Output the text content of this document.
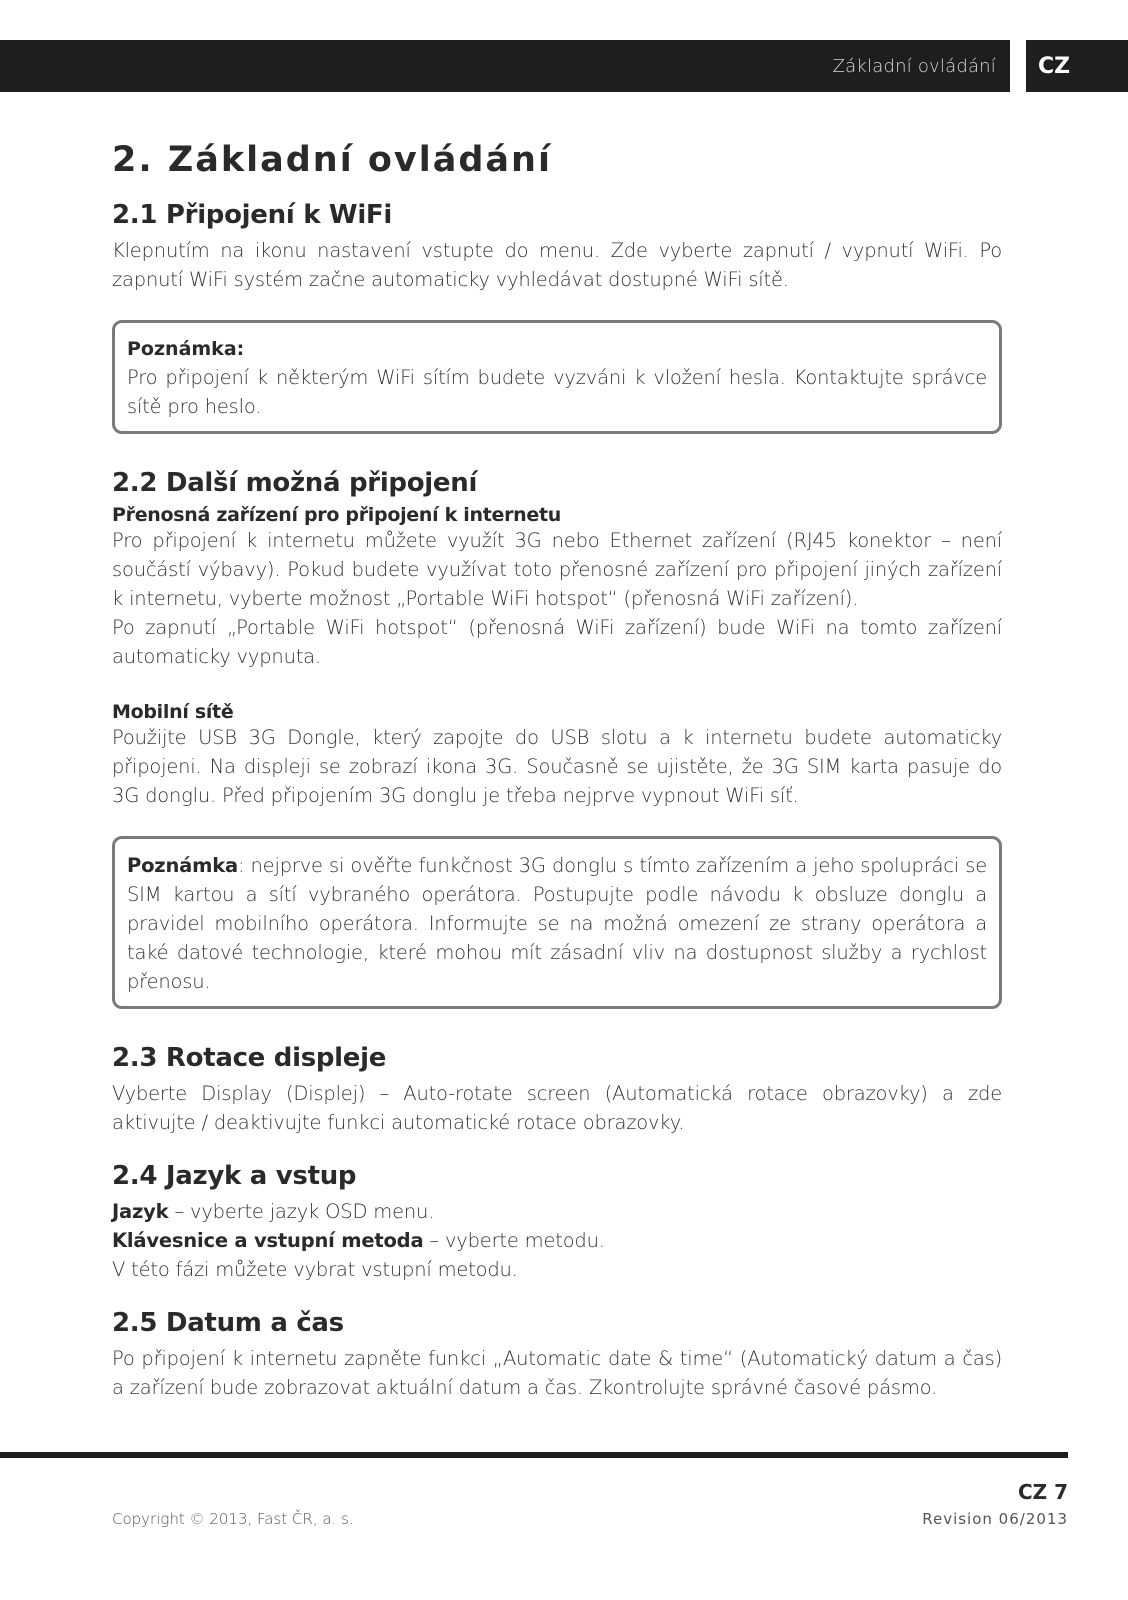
Základní ovládání	CZ
2. Základní ovládání
2.1 Připojení k WiFi

Klepnutím na ikonu nastavení vstupte do menu. Zde vyberte zapnutí / vypnutí WiFi. Po zapnutí WiFi systém začne automaticky vyhledávat dostupné WiFi sítě.

Poznámka:

Pro připojení k některým WiFi sítím budete vyzváni k vložení hesla. Kontaktujte správce sítě pro heslo.

2.2 Další možná připojení
Přenosná zařízení pro připojení k internetu

Pro připojení k internetu můžete využít 3G nebo Ethernet zařízení (RJ45 konektor – není součástí výbavy). Pokud budete využívat toto přenosné zařízení pro připojení jiných zařízení k internetu, vyberte možnost „Portable WiFi hotspot“ (přenosná WiFi zařízení).

Po zapnutí „Portable WiFi hotspot“ (přenosná WiFi zařízení) bude WiFi na tomto zařízení automaticky vypnuta.

Mobilní sítě

Použijte USB 3G Dongle, který zapojte do USB slotu a k internetu budete automaticky připojeni. Na displeji se zobrazí ikona 3G. Současně se ujistěte, že 3G SIM karta pasuje do 3G donglu. Před připojením 3G donglu je třeba nejprve vypnout WiFi síť.

Poznámka: nejprve si ověřte funkčnost 3G donglu s tímto zařízením a jeho spolupráci se SIM kartou a sítí vybraného operátora. Postupujte podle návodu k obsluze donglu a pravidel mobilního operátora. Informujte se na možná omezení ze strany operátora a také datové technologie, které mohou mít zásadní vliv na dostupnost služby a rychlost přenosu.

2.3 Rotace displeje

Vyberte Display (Displej) – Auto-rotate screen (Automatická rotace obrazovky) a zde aktivujte / deaktivujte funkci automatické rotace obrazovky.

2.4 Jazyk a vstup

Jazyk – vyberte jazyk OSD menu.

Klávesnice a vstupní metoda – vyberte metodu.

V této fázi můžete vybrat vstupní metodu.

2.5 Datum a čas

Po připojení k internetu zapněte funkci „Automatic date & time“ (Automatický datum a čas) a zařízení bude zobrazovat aktuální datum a čas. Zkontrolujte správné časové pásmo.

CZ 7
Copyright © 2013, Fast ČR, a. s.	Revision 06/2013
